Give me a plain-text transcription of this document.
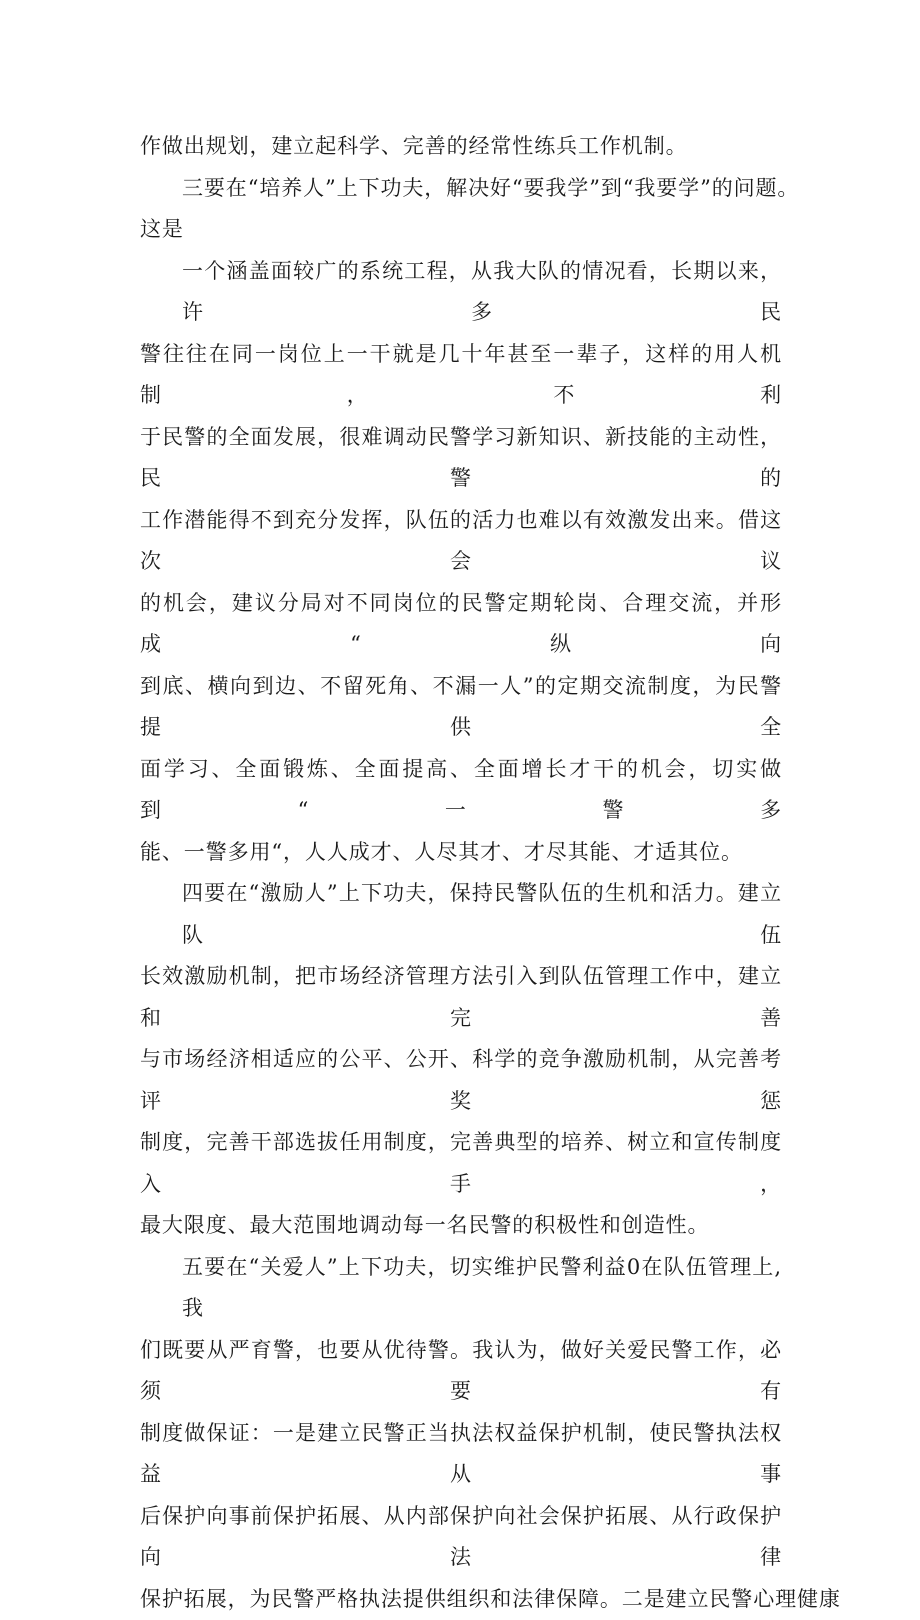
作做出规划，建立起科学、完善的经常性练兵工作机制。

三要在“培养人”上下功夫，解决好“要我学”到“我要学”的问题。

这是

一个涵盖面较广的系统工程，从我大队的情况看，长期以来，许多民
警往往在同一岗位上一干就是几十年甚至一辈子，这样的用人机制，不利
于民警的全面发展，很难调动民警学习新知识、新技能的主动性，民警的
工作潜能得不到充分发挥，队伍的活力也难以有效激发出来。借这次会议
的机会，建议分局对不同岗位的民警定期轮岗、合理交流，并形成“纵向
到底、横向到边、不留死角、不漏一人”的定期交流制度，为民警提供全
面学习、全面锻炼、全面提高、全面增长才干的机会，切实做到“一警多
能、一警多用“，人人成才、人尽其才、才尽其能、才适其位。

四要在“激励人”上下功夫，保持民警队伍的生机和活力。建立队伍
长效激励机制，把市场经济管理方法引入到队伍管理工作中，建立和完善
与市场经济相适应的公平、公开、科学的竞争激励机制，从完善考评奖惩
制度，完善干部选拔任用制度，完善典型的培养、树立和宣传制度入手，
最大限度、最大范围地调动每一名民警的积极性和创造性。

五要在“关爱人”上下功夫，切实维护民警利益0在队伍管理上,我
们既要从严育警，也要从优待警。我认为，做好关爱民警工作，必须要有
制度做保证：一是建立民警正当执法权益保护机制，使民警执法权益从事
后保护向事前保护拓展、从内部保护向社会保护拓展、从行政保护向法律
保护拓展，为民警严格执法提供组织和法律保障。二是建立民警心理健康
